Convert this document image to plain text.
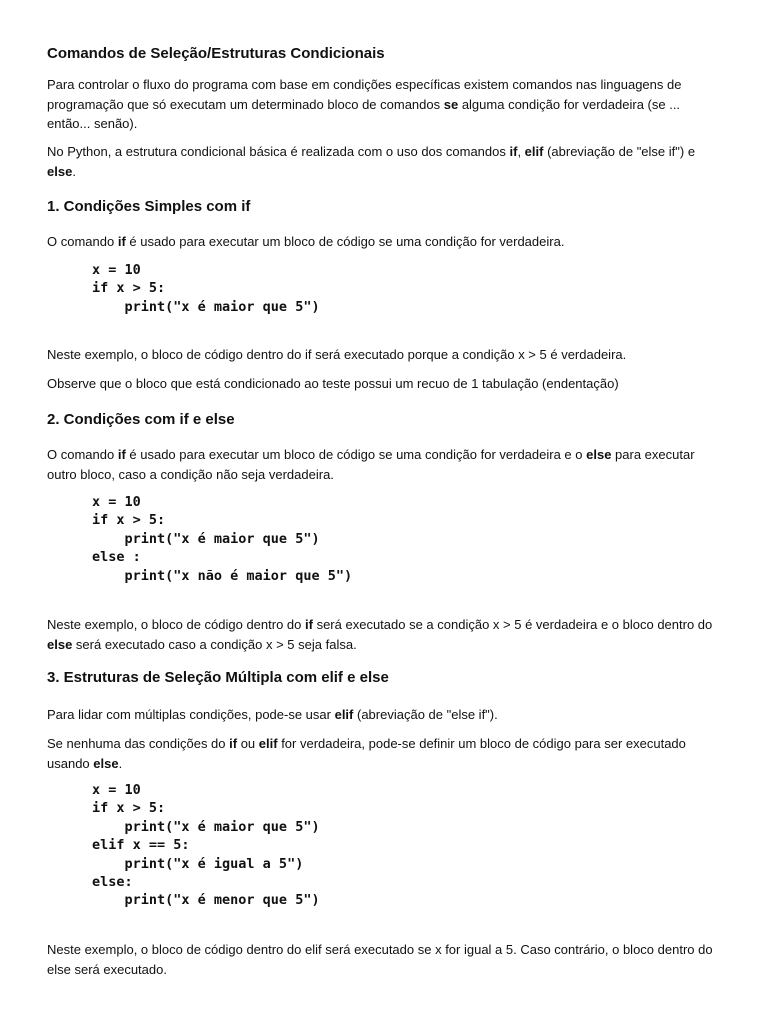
Comandos de Seleção/Estruturas Condicionais
Para controlar o fluxo do programa com base em condições específicas existem comandos nas linguagens de programação que só executam um determinado bloco de comandos se alguma condição for verdadeira (se ... então... senão).
No Python, a estrutura condicional básica é realizada com o uso dos comandos if, elif (abreviação de "else if") e else.
1. Condições Simples com if
O comando if é usado para executar um bloco de código se uma condição for verdadeira.
x = 10
if x > 5:
print("x é maior que 5")
Neste exemplo, o bloco de código dentro do if será executado porque a condição x > 5 é verdadeira.
Observe que o bloco que está condicionado ao teste possui um recuo de 1 tabulação (endentação)
2. Condições com if e else
O comando if é usado para executar um bloco de código se uma condição for verdadeira e o else para executar outro bloco, caso a condição não seja verdadeira.
x = 10
if x > 5:
print("x é maior que 5")
else :
print("x não é maior que 5")
Neste exemplo, o bloco de código dentro do if será executado se a condição x > 5 é verdadeira e o bloco dentro do else será executado caso a condição x > 5 seja falsa.
3. Estruturas de Seleção Múltipla com elif e else
Para lidar com múltiplas condições, pode-se usar elif (abreviação de "else if").
Se nenhuma das condições do if ou elif for verdadeira, pode-se definir um bloco de código para ser executado usando else.
x = 10
if x > 5:
print("x é maior que 5")
elif x == 5:
print("x é igual a 5")
else:
print("x é menor que 5")
Neste exemplo, o bloco de código dentro do elif será executado se x for igual a 5. Caso contrário, o bloco dentro do else será executado.
